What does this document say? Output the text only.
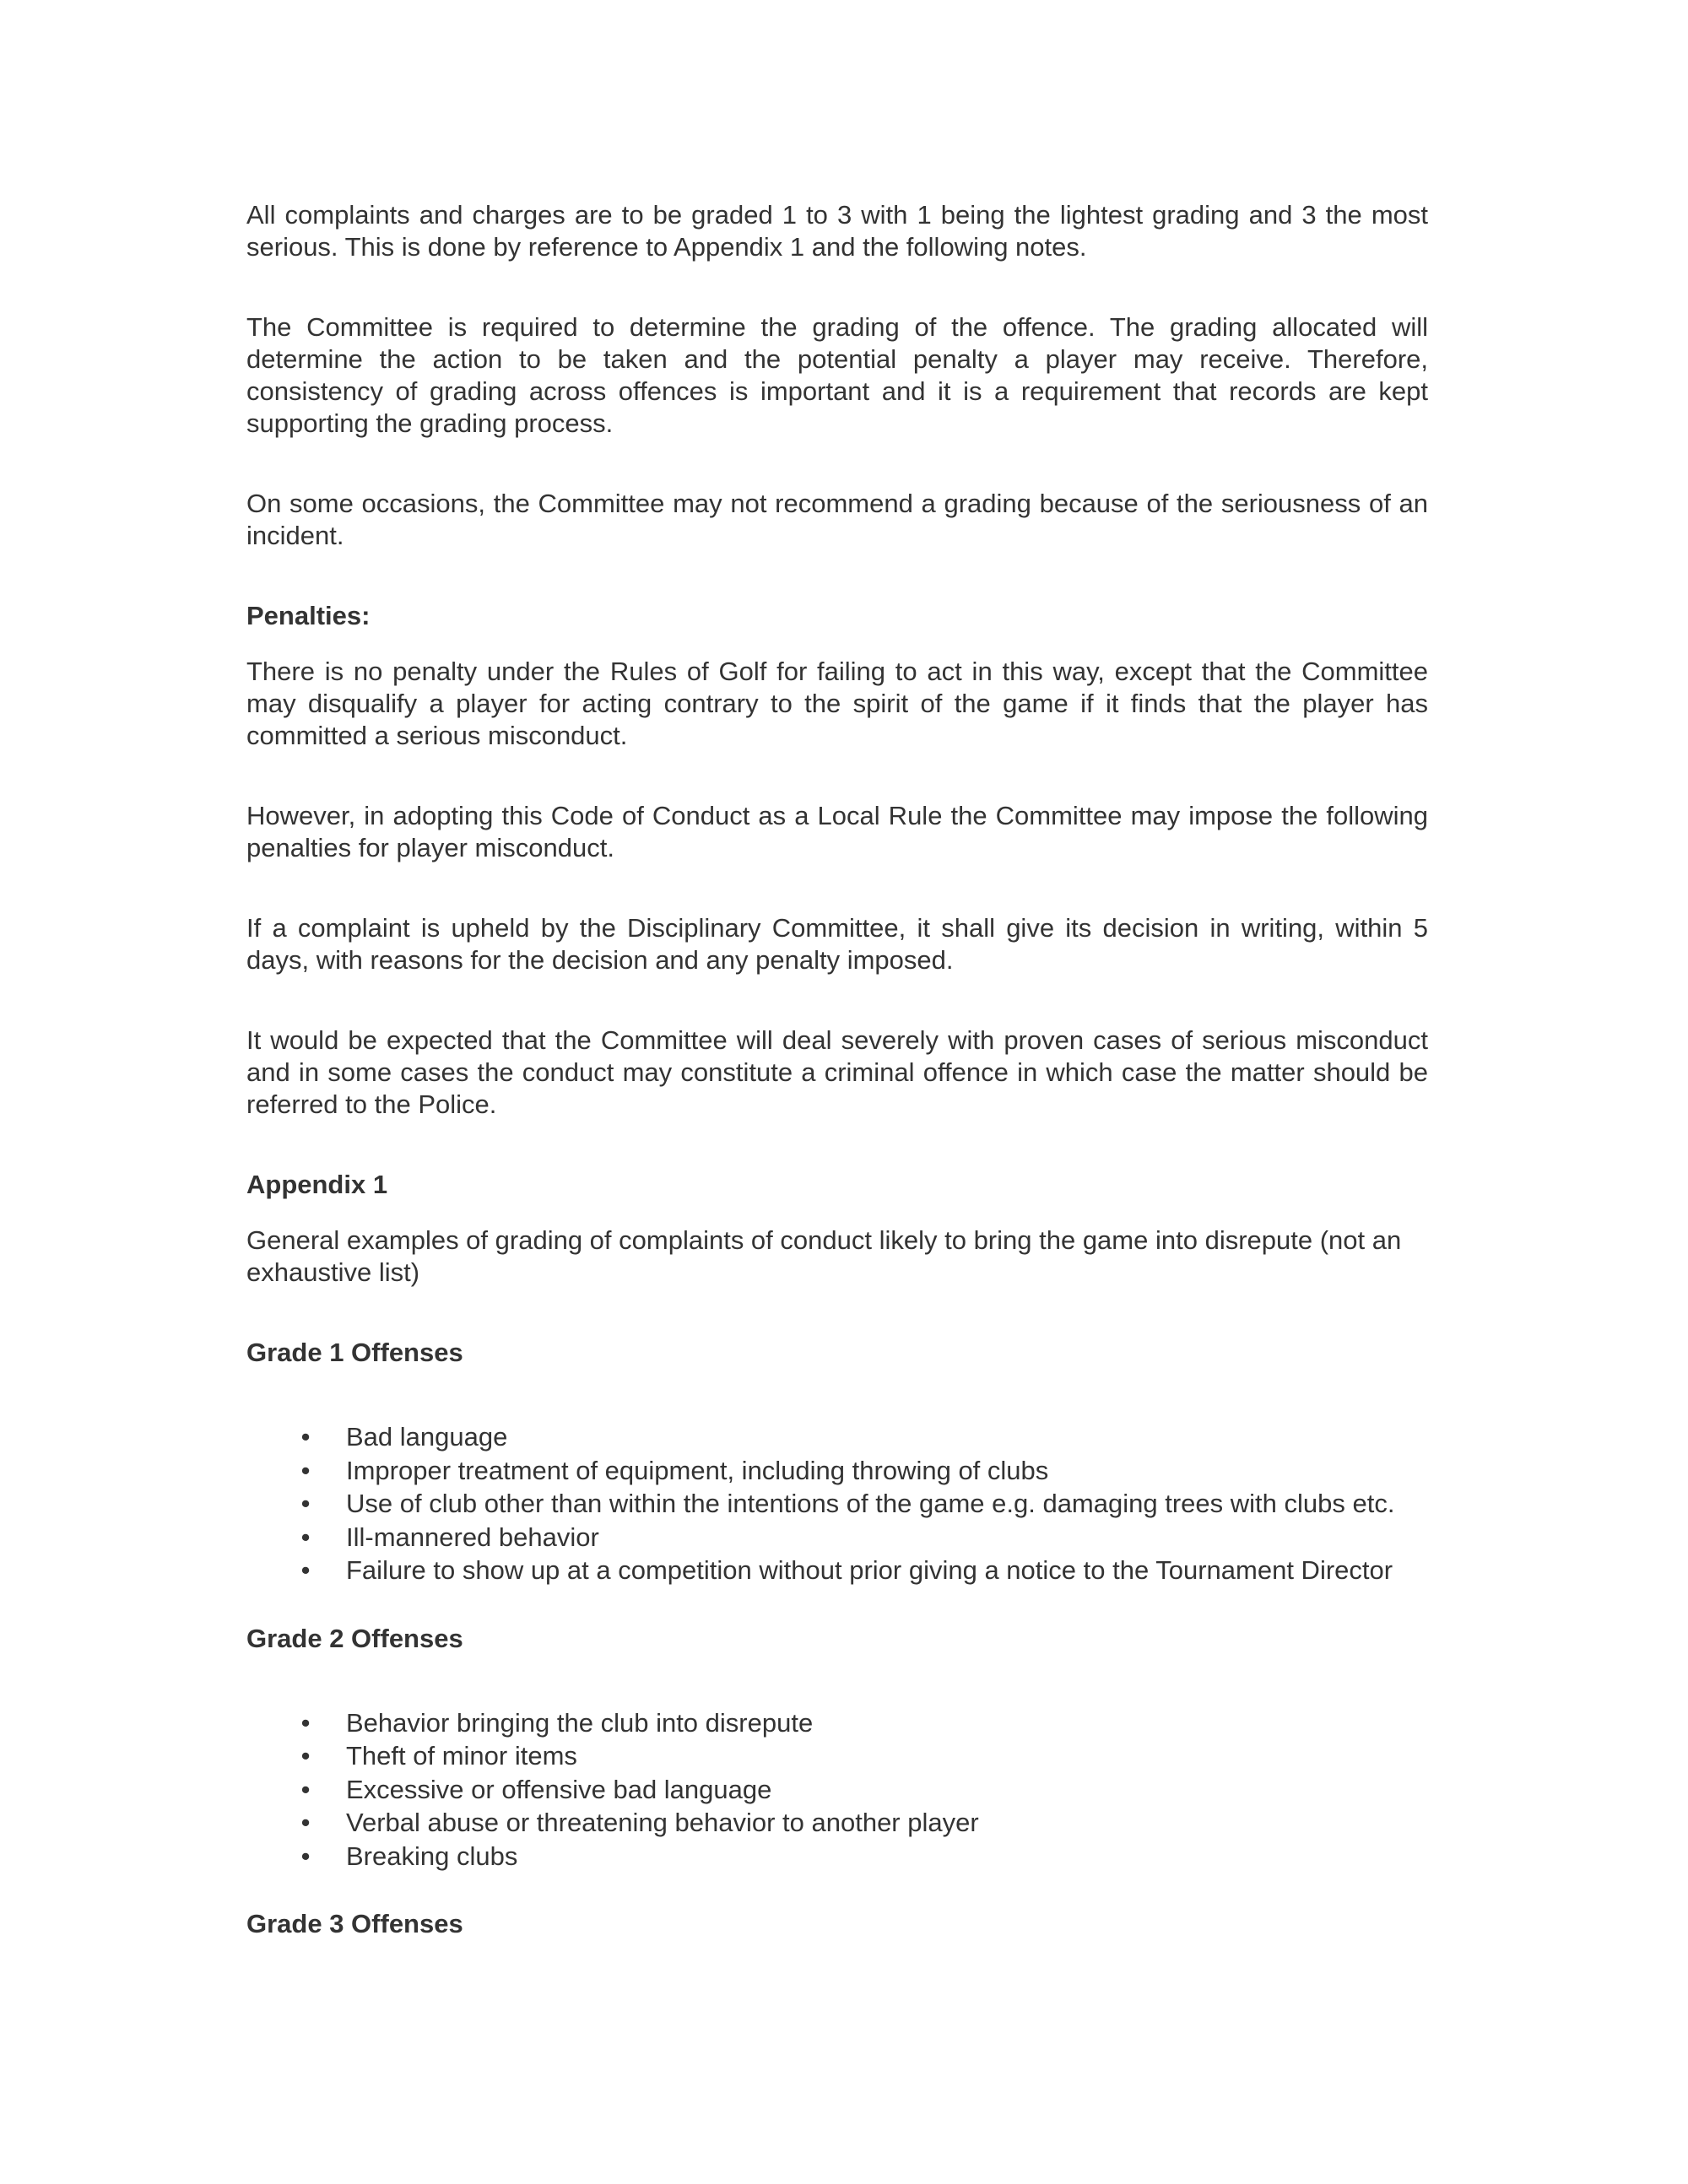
All complaints and charges are to be graded 1 to 3 with 1 being the lightest grading and 3 the most serious. This is done by reference to Appendix 1 and the following notes.

The Committee is required to determine the grading of the offence. The grading allocated will determine the action to be taken and the potential penalty a player may receive. Therefore, consistency of grading across offences is important and it is a requirement that records are kept supporting the grading process.

On some occasions, the Committee may not recommend a grading because of the seriousness of an incident.

Penalties:

There is no penalty under the Rules of Golf for failing to act in this way, except that the Committee may disqualify a player for acting contrary to the spirit of the game if it finds that the player has committed a serious misconduct.

However, in adopting this Code of Conduct as a Local Rule the Committee may impose the following penalties for player misconduct.

If a complaint is upheld by the Disciplinary Committee, it shall give its decision in writing, within 5 days, with reasons for the decision and any penalty imposed.

It would be expected that the Committee will deal severely with proven cases of serious misconduct and in some cases the conduct may constitute a criminal offence in which case the matter should be referred to the Police.

Appendix 1

General examples of grading of complaints of conduct likely to bring the game into disrepute (not an exhaustive list)

Grade 1 Offenses

• Bad language
• Improper treatment of equipment, including throwing of clubs
• Use of club other than within the intentions of the game e.g. damaging trees with clubs etc.
• Ill-mannered behavior
• Failure to show up at a competition without prior giving a notice to the Tournament Director

Grade 2 Offenses

• Behavior bringing the club into disrepute
• Theft of minor items
• Excessive or offensive bad language
• Verbal abuse or threatening behavior to another player
• Breaking clubs

Grade 3 Offenses
